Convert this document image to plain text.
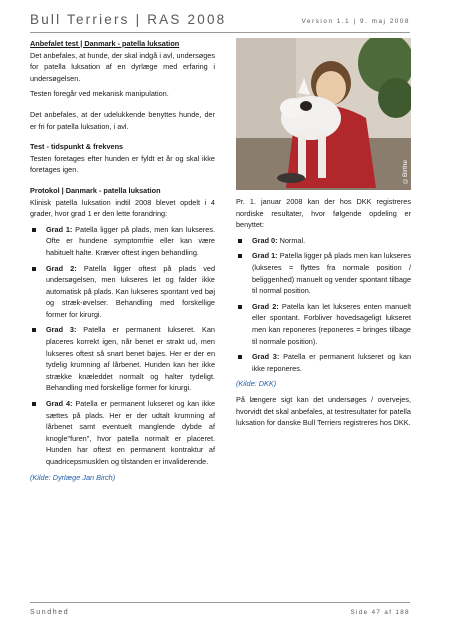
Bull Terriers | RAS 2008	Version 1.1 | 9. maj 2008
Anbefalet test | Danmark - patella luksation

Det anbefales, at hunde, der skal indgå i avl, undersøges for patella luksation af en dyrlæge med erfaring i undersøgelsen.

Testen foregår ved mekanisk manipulation.

Det anbefales, at der udelukkende benyttes hunde, der er fri for patella luksation, i avl.

Test - tidspunkt & frekvens

Testen foretages efter hunden er fyldt et år og skal ikke foretages igen.

Protokol | Danmark - patella luksation

Klinisk patella luksation indtil 2008 blevet opdelt i 4 grader, hvor grad 1 er den lette forandring:

Grad 1: Patella ligger på plads, men kan lukseres. Ofte er hundene symptomfrie eller kan være habituelt halte. Kræver oftest ingen behandling.
Grad 2: Patella ligger oftest på plads ved undersøgelsen, men lukseres let og falder ikke automatisk på plads. Kan lukseres spontant ved bøj og stræk-øvelser. Behandling med forskellige former for kirurgi.
Grad 3: Patella er permanent lukseret. Kan placeres korrekt igen, når benet er strakt ud, men lukseres oftest så snart benet bøjes. Her er der en tydelig krumning af lårbenet. Hunden kan her ikke strække knæleddet normalt og halter tydeligt. Behandling med forskellige former for kirurgi.
Grad 4: Patella er permanent lukseret og kan ikke sættes på plads. Her er der udtalt krumning af lårbenet samt eventuelt manglende dybde af knogle"furen", hvor patella normalt er placeret. Hunden har oftest en permanent kontraktur af quadricepsmusklen og tilstanden er invaliderende.
(Kilde: Dyrlæge Jan Birch)
©Birthe

Pr. 1. januar 2008 kan der hos DKK registreres nordiske resultater, hvor følgende opdeling er benyttet:

Grad 0: Normal.
Grad 1: Patella ligger på plads men kan lukseres (lukseres = flyttes fra normale position / beliggenhed) manuelt og vender spontant tilbage til normal position.
Grad 2: Patella kan let lukseres enten manuelt eller spontant. Forbliver hovedsageligt lukseret men kan reponeres (reponeres = bringes tilbage til normale position).
Grad 3: Patella er permanent lukseret og kan ikke reponeres.
(Kilde: DKK)

På længere sigt kan det undersøges / overvejes, hvorvidt det skal anbefales, at testresultater for patella luksation for danske Bull Terriers registreres hos DKK.

Sundhed	Side 47 af 188
